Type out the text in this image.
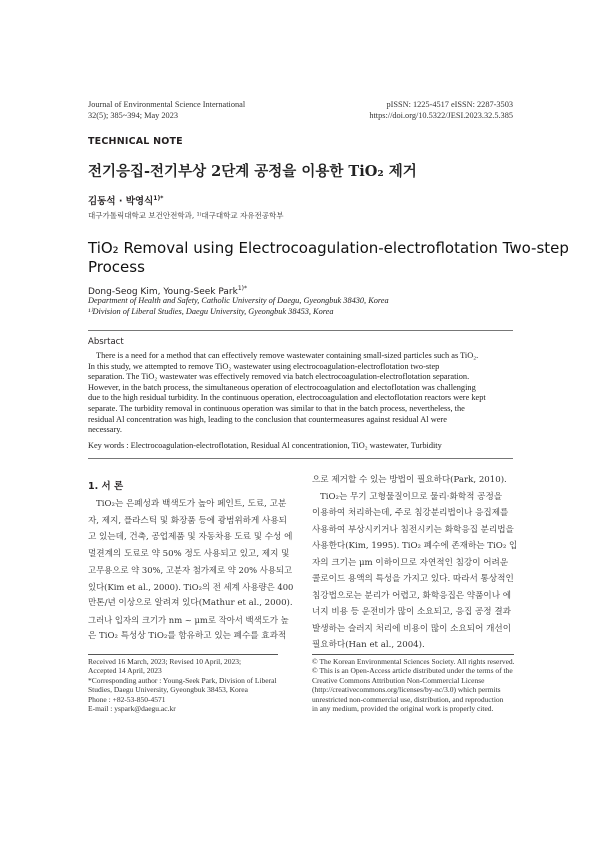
Journal of Environmental Science International
32(5); 385~394; May 2023
pISSN: 1225-4517 eISSN: 2287-3503
https://doi.org/10.5322/JESI.2023.32.5.385
TECHNICAL NOTE
전기응집-전기부상 2단계 공정을 이용한 TiO₂ 제거
김동석 · 박영식$^{1)*}$
대구가톨릭대학교 보건안전학과, ¹⁾대구대학교 자유전공학부
TiO₂ Removal using Electrocoagulation-electroflotation Two-step
Process
Dong-Seog Kim, Young-Seek Park$^{1)*}$
Department of Health and Safety, Catholic University of Daegu, Gyeongbuk 38430, Korea
¹⁾Division of Liberal Studies, Daegu University, Gyeongbuk 38453, Korea
Absrtact
There is a need for a method that can effectively remove wastewater containing small-sized particles such as TiO₂.
In this study, we attempted to remove TiO₂ wastewater using electrocoagulation-electroflotation two-step
separation. The TiO₂ wastewater was effectively removed via batch electrocoagulation-electroflotation separation.
However, in the batch process, the simultaneous operation of electrocoagulation and electoflotation was challenging
due to the high residual turbidity. In the continuous operation, electrocoagulation and electoflotation reactors were kept
separate. The turbidity removal in continuous operation was similar to that in the batch process, nevertheless, the
residual Al concentration was high, leading to the conclusion that countermeasures against residual Al were
necessary.
Key words : Electrocoagulation-electroflotation, Residual Al concentrationion, TiO₂ wastewater, Turbidity
1. 서 론
TiO₂는 은폐성과 백색도가 높아 페인트, 도료, 고분
자, 제지, 플라스틱 및 화장품 등에 광범위하게 사용되
고 있는데, 건축, 공업제품 및 자동차용 도료 및 수성 에
멀젼계의 도료로 약 50% 정도 사용되고 있고, 제지 및
고무용으로 약 30%, 고분자 첨가제로 약 20% 사용되고
있다(Kim et al., 2000). TiO₂의 전 세계 사용량은 400
만톤/년 이상으로 알려져 있다(Mathur et al., 2000).
그러나 입자의 크기가 nm ~ μm로 작아서 백색도가 높
은 TiO₂ 특성상 TiO₂를 함유하고 있는 폐수를 효과적
으로 제거할 수 있는 방법이 필요하다(Park, 2010).
TiO₂는 무기 고형물질이므로 물리·화학적 공정을
이용하여 처리하는데, 주로 침강분리법이나 응집제를
사용하여 부상시키거나 침전시키는 화학응집 분리법을
사용한다(Kim, 1995). TiO₂ 폐수에 존재하는 TiO₂ 입
자의 크기는 μm 이하이므로 자연적인 침강이 어려운
콜로이드 용액의 특성을 가지고 있다. 따라서 통상적인
침강법으로는 분리가 어렵고, 화학응집은 약품이나 에
너지 비용 등 운전비가 많이 소요되고, 응집 공정 결과
발생하는 슬러지 처리에 비용이 많이 소요되어 개선이
필요하다(Han et al., 2004).
Received 16 March, 2023; Revised 10 April, 2023;
Accepted 14 April, 2023
*Corresponding author : Young-Seek Park, Division of Liberal
Studies, Daegu University, Gyeongbuk 38453, Korea
Phone : +82-53-850-4571
E-mail : yspark@daegu.ac.kr
© The Korean Environmental Sciences Society. All rights reserved.
© This is an Open-Access article distributed under the terms of the
Creative Commons Attribution Non-Commercial License
(http://creativecommons.org/licenses/by-nc/3.0) which permits
unrestricted non-commercial use, distribution, and reproduction
in any medium, provided the original work is properly cited.
